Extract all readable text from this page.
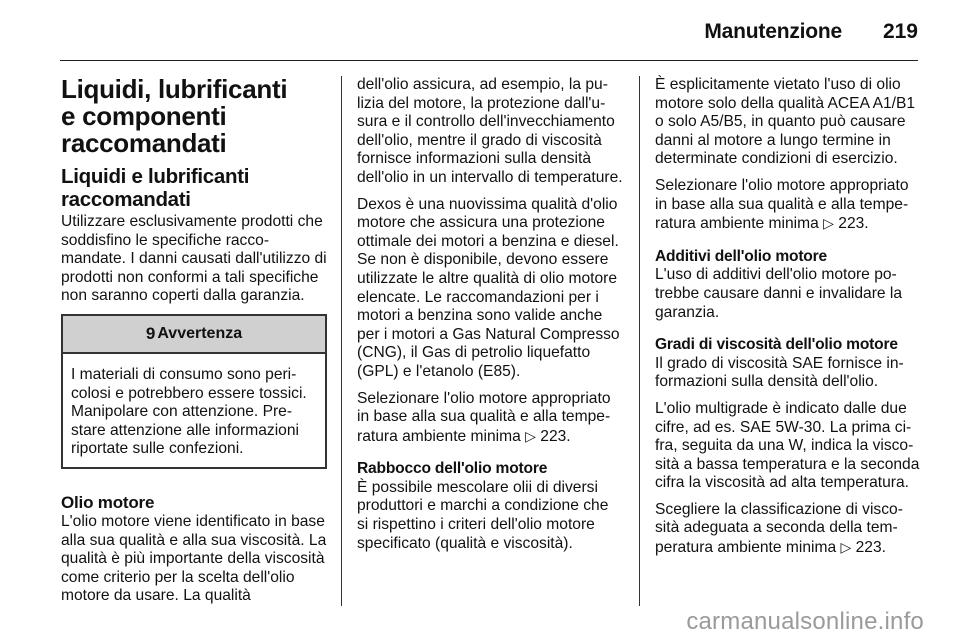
Manutenzione 219
Liquidi, lubrificanti
e componenti
raccomandati
Liquidi e lubrificanti
raccomandati

Utilizzare esclusivamente prodotti che soddisfino le specifiche raccomandate. I danni causati dall'utilizzo di prodotti non conformi a tali specifiche non saranno coperti dalla garanzia.

9 Avvertenza
I materiali di consumo sono pericolosi e potrebbero essere tossici. Manipolare con attenzione. Prestare attenzione alle informazioni riportate sulle confezioni.
Olio motore

L'olio motore viene identificato in base alla sua qualità e alla sua viscosità. La qualità è più importante della viscosità come criterio per la scelta dell'olio motore da usare. La qualità

dell'olio assicura, ad esempio, la pulizia del motore, la protezione dall'usura e il controllo dell'invecchiamento dell'olio, mentre il grado di viscosità fornisce informazioni sulla densità dell'olio in un intervallo di temperature.

Dexos è una nuovissima qualità d'olio motore che assicura una protezione ottimale dei motori a benzina e diesel. Se non è disponibile, devono essere utilizzate le altre qualità di olio motore elencate. Le raccomandazioni per i motori a benzina sono valide anche per i motori a Gas Natural Compresso (CNG), il Gas di petrolio liquefatto (GPL) e l'etanolo (E85).

Selezionare l'olio motore appropriato in base alla sua qualità e alla temperatura ambiente minima ▷ 223.

Rabbocco dell'olio motore

È possibile mescolare olii di diversi produttori e marchi a condizione che si rispettino i criteri dell'olio motore specificato (qualità e viscosità).

È esplicitamente vietato l'uso di olio motore solo della qualità ACEA A1/B1 o solo A5/B5, in quanto può causare danni al motore a lungo termine in determinate condizioni di esercizio.

Selezionare l'olio motore appropriato in base alla sua qualità e alla temperatura ambiente minima ▷ 223.

Additivi dell'olio motore

L'uso di additivi dell'olio motore potrebbe causare danni e invalidare la garanzia.

Gradi di viscosità dell'olio motore

Il grado di viscosità SAE fornisce informazioni sulla densità dell'olio.

L'olio multigrade è indicato dalle due cifre, ad es. SAE 5W-30. La prima cifra, seguita da una W, indica la viscosità a bassa temperatura e la seconda cifra la viscosità ad alta temperatura.

Scegliere la classificazione di viscosità adeguata a seconda della temperatura ambiente minima ▷ 223.

carmanualsonline.info
